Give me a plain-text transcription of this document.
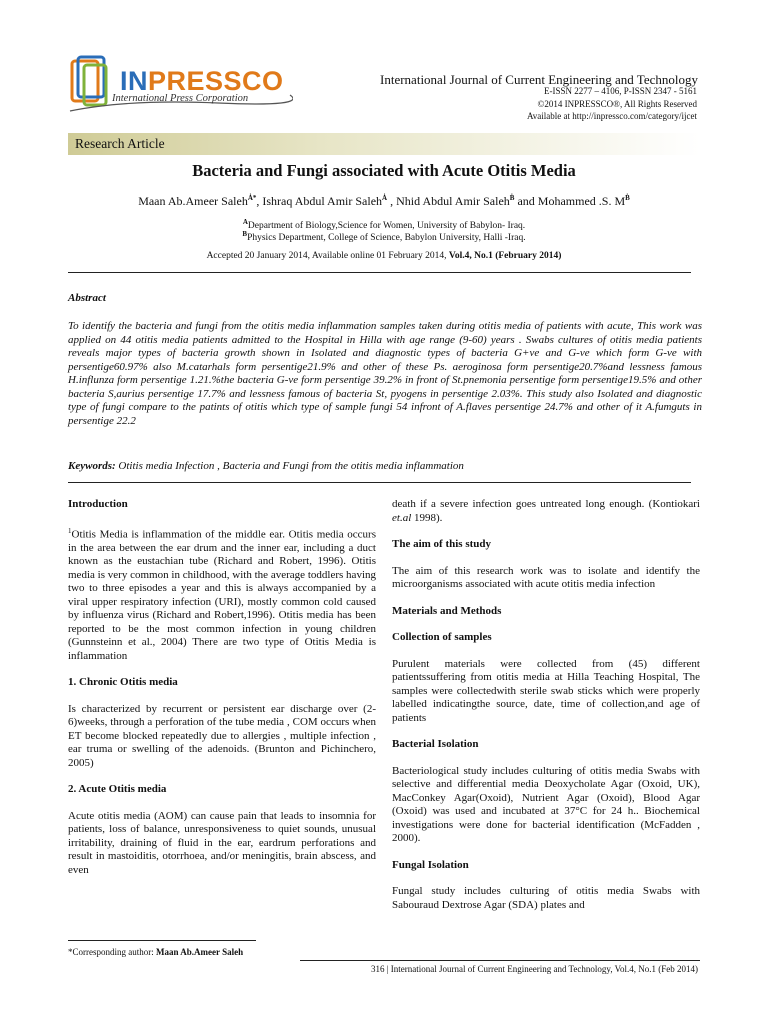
INPRESSCO
International Press Corporation
International Journal of Current Engineering and Technology
E-ISSN 2277 – 4106, P-ISSN 2347 - 5161
©2014 INPRESSCO®, All Rights Reserved
Available at http://inpressco.com/category/ijcet
Research Article
Bacteria and Fungi associated with Acute Otitis Media
Maan Ab.Ameer Saleh$^{Ȧ*}$, Ishraq Abdul Amir Saleh$^Ȧ$ , Nhid Abdul Amir Saleh$^Ḃ$ and Mohammed .S. $M^Ḃ$
$^A$Department of Biology,Science for Women, University of Babylon- Iraq.
$^B$Physics Department, College of Science, Babylon University, Halli -Iraq.
Accepted 20 January 2014, Available online 01 February 2014, Vol.4, No.1 (February 2014)
Abstract
To identify the bacteria and fungi from the otitis media inflammation samples taken during otitis media of patients with acute, This work was applied on 44 otitis media patients admitted to the Hospital in Hilla with age range (9-60) years . Swabs cultures of otitis media patients reveals major types of bacteria growth shown in Isolated and diagnostic types of bacteria G+ve and G-ve which form G-ve with persentige60.97% also M.catarhals form persentige21.9% and other of these Ps. aeroginosa form persentige20.7%and lessness famous H.influnza form persentige 1.21.%the bacteria G-ve form persentige 39.2% in front of St.pnemonia persentige form persentige19.5% and other bacteria S,aurius persentige 17.7% and lessness famous of bacteria St, pyogens in persentige 2.03%. This study also Isolated and diagnostic type of fungi compare to the patints of otitis which type of sample fungi 54 infront of A.flaves persentige 24.7% and other of it A.fumguts in persentige 22.2
Keywords: Otitis media Infection , Bacteria and Fungi from the otitis media inflammation
Introduction

$^1$Otitis Media is inflammation of the middle ear. Otitis media occurs in the area between the ear drum and the inner ear, including a duct known as the eustachian tube (Richard and Robert, 1996). Otitis media is very common in childhood, with the average toddlers having two to three episodes a year and this is always accompanied by a viral upper respiratory infection (URI), mostly common cold caused by influenza virus (Richard and Robert,1996). Otitis media has been reported to be the most common infection in young children (Gunnsteinn et al., 2004) There are two type of Otitis Media is inflammation

1. Chronic Otitis media

Is characterized by recurrent or persistent ear discharge over (2-6)weeks, through a perforation of the tube media , COM occurs when ET become blocked repeatedly due to allergies , multiple infection , ear truma or swelling of the adenoids. (Brunton and Pichinchero, 2005)

2. Acute Otitis media

Acute otitis media (AOM) can cause pain that leads to insomnia for patients, loss of balance, unresponsiveness to quiet sounds, unusual irritability, draining of fluid in the ear, eardrum perforations and result in mastoiditis, otorrhoea, and/or meningitis, brain abscess, and even

death if a severe infection goes untreated long enough. (Kontiokari et.al 1998).

The aim of this study

The aim of this research work was to isolate and identify the microorganisms associated with acute otitis media infection

Materials and Methods
Collection of samples

Purulent materials were collected from (45) different patientssuffering from otitis media at Hilla Teaching Hospital, The samples were collectedwith sterile swab sticks which were properly labelled indicatingthe source, date, time of collection,and age of patients

Bacterial Isolation

Bacteriological study includes culturing of otitis media Swabs with selective and differential media Deoxycholate Agar (Oxoid, UK), MacConkey Agar(Oxoid), Nutrient Agar (Oxoid), Blood Agar (Oxoid) was used and incubated at 37°C for 24 h.. Biochemical investigations were done for bacterial identification (McFadden , 2000).

Fungal Isolation

Fungal study includes culturing of otitis media Swabs with Sabouraud Dextrose Agar (SDA) plates and

*Corresponding author: Maan Ab.Ameer Saleh
316 | International Journal of Current Engineering and Technology, Vol.4, No.1 (Feb 2014)
